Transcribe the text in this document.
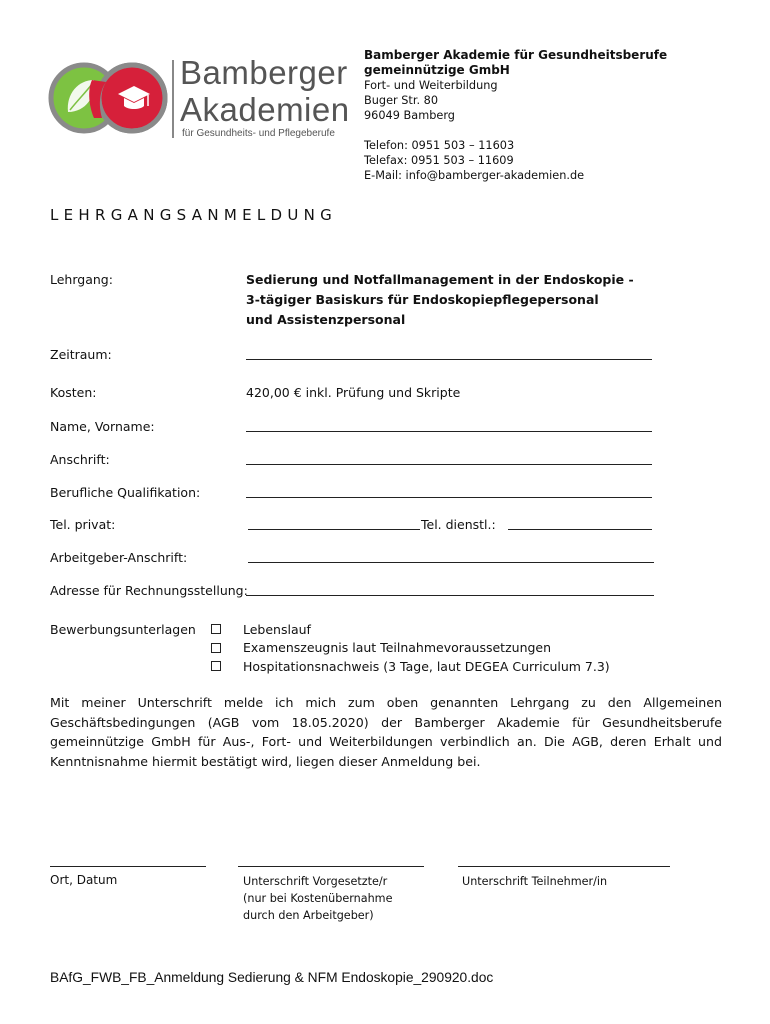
Bamberger
Akademien
für Gesundheits- und Pflegeberufe
Bamberger Akademie für Gesundheitsberufe
gemeinnützige GmbH
Fort- und Weiterbildung
Buger Str. 80
96049 Bamberg
Telefon: 0951 503 – 11603
Telefax: 0951 503 – 11609
E-Mail: info@bamberger-akademien.de
LEHRGANGSANMELDUNG
Lehrgang:	Sedierung und Notfallmanagement in der Endoskopie -
3-tägiger Basiskurs für Endoskopiepflegepersonal
und Assistenzpersonal
Zeitraum:
Kosten:	420,00 € inkl. Prüfung und Skripte
Name, Vorname:
Anschrift:
Berufliche Qualifikation:
Tel. privat:	Tel. dienstl.:
Arbeitgeber-Anschrift:
Adresse für Rechnungsstellung:
Bewerbungsunterlagen	Lebenslauf
Examenszeugnis laut Teilnahmevoraussetzungen
Hospitationsnachweis (3 Tage, laut DEGEA Curriculum 7.3)
Mit meiner Unterschrift melde ich mich zum oben genannten Lehrgang zu den Allgemeinen Geschäftsbedingungen (AGB vom 18.05.2020) der Bamberger Akademie für Gesundheitsberufe gemeinnützige GmbH für Aus-, Fort- und Weiterbildungen verbindlich an. Die AGB, deren Erhalt und Kenntnisnahme hiermit bestätigt wird, liegen dieser Anmeldung bei.
Ort, Datum	Unterschrift Vorgesetzte/r
(nur bei Kostenübernahme
durch den Arbeitgeber)
Unterschrift Teilnehmer/in
BAfG_FWB_FB_Anmeldung Sedierung & NFM Endoskopie_290920.doc
